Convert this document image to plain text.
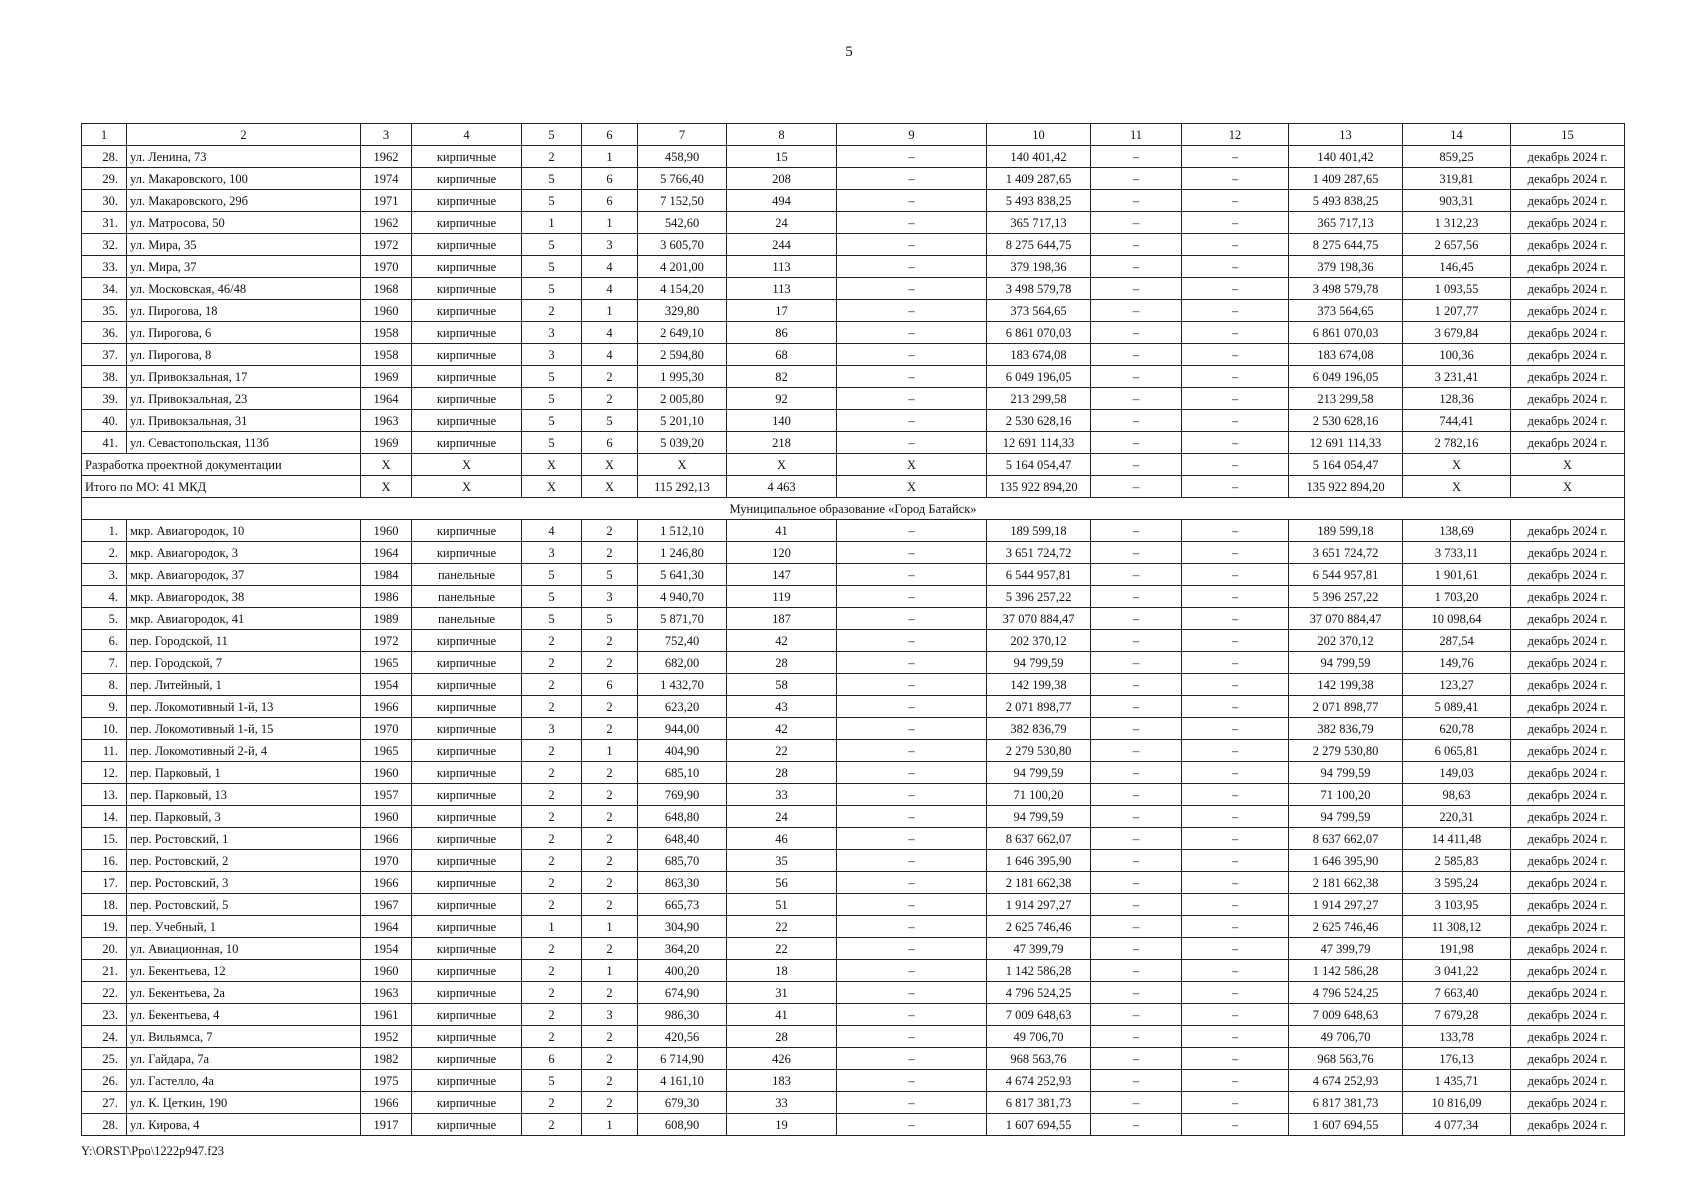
5
1	2	3	4	5	6	7	8	9	10	11	12	13	14	15
28.	ул. Ленина, 73	1962	кирпичные	2	1	458,90	15	–	140 401,42	–	–	140 401,42	859,25	декабрь 2024 г.
29.	ул. Макаровского, 100	1974	кирпичные	5	6	5 766,40	208	–	1 409 287,65	–	–	1 409 287,65	319,81	декабрь 2024 г.
30.	ул. Макаровского, 29б	1971	кирпичные	5	6	7 152,50	494	–	5 493 838,25	–	–	5 493 838,25	903,31	декабрь 2024 г.
31.	ул. Матросова, 50	1962	кирпичные	1	1	542,60	24	–	365 717,13	–	–	365 717,13	1 312,23	декабрь 2024 г.
32.	ул. Мира, 35	1972	кирпичные	5	3	3 605,70	244	–	8 275 644,75	–	–	8 275 644,75	2 657,56	декабрь 2024 г.
33.	ул. Мира, 37	1970	кирпичные	5	4	4 201,00	113	–	379 198,36	–	–	379 198,36	146,45	декабрь 2024 г.
34.	ул. Московская, 46/48	1968	кирпичные	5	4	4 154,20	113	–	3 498 579,78	–	–	3 498 579,78	1 093,55	декабрь 2024 г.
35.	ул. Пирогова, 18	1960	кирпичные	2	1	329,80	17	–	373 564,65	–	–	373 564,65	1 207,77	декабрь 2024 г.
36.	ул. Пирогова, 6	1958	кирпичные	3	4	2 649,10	86	–	6 861 070,03	–	–	6 861 070,03	3 679,84	декабрь 2024 г.
37.	ул. Пирогова, 8	1958	кирпичные	3	4	2 594,80	68	–	183 674,08	–	–	183 674,08	100,36	декабрь 2024 г.
38.	ул. Привокзальная, 17	1969	кирпичные	5	2	1 995,30	82	–	6 049 196,05	–	–	6 049 196,05	3 231,41	декабрь 2024 г.
39.	ул. Привокзальная, 23	1964	кирпичные	5	2	2 005,80	92	–	213 299,58	–	–	213 299,58	128,36	декабрь 2024 г.
40.	ул. Привокзальная, 31	1963	кирпичные	5	5	5 201,10	140	–	2 530 628,16	–	–	2 530 628,16	744,41	декабрь 2024 г.
41.	ул. Севастопольская, 113б	1969	кирпичные	5	6	5 039,20	218	–	12 691 114,33	–	–	12 691 114,33	2 782,16	декабрь 2024 г.
Разработка проектной документации		X	X	X	X	X	X	X	5 164 054,47	–	–	5 164 054,47	X	X
Итого по МО: 41 МКД		X	X	X	X	115 292,13	4 463	X	135 922 894,20	–	–	135 922 894,20	X	X
Муниципальное образование «Город Батайск»														
1.	мкр. Авиагородок, 10	1960	кирпичные	4	2	1 512,10	41	–	189 599,18	–	–	189 599,18	138,69	декабрь 2024 г.
2.	мкр. Авиагородок, 3	1964	кирпичные	3	2	1 246,80	120	–	3 651 724,72	–	–	3 651 724,72	3 733,11	декабрь 2024 г.
3.	мкр. Авиагородок, 37	1984	панельные	5	5	5 641,30	147	–	6 544 957,81	–	–	6 544 957,81	1 901,61	декабрь 2024 г.
4.	мкр. Авиагородок, 38	1986	панельные	5	3	4 940,70	119	–	5 396 257,22	–	–	5 396 257,22	1 703,20	декабрь 2024 г.
5.	мкр. Авиагородок, 41	1989	панельные	5	5	5 871,70	187	–	37 070 884,47	–	–	37 070 884,47	10 098,64	декабрь 2024 г.
6.	пер. Городской, 11	1972	кирпичные	2	2	752,40	42	–	202 370,12	–	–	202 370,12	287,54	декабрь 2024 г.
7.	пер. Городской, 7	1965	кирпичные	2	2	682,00	28	–	94 799,59	–	–	94 799,59	149,76	декабрь 2024 г.
8.	пер. Литейный, 1	1954	кирпичные	2	6	1 432,70	58	–	142 199,38	–	–	142 199,38	123,27	декабрь 2024 г.
9.	пер. Локомотивный 1-й, 13	1966	кирпичные	2	2	623,20	43	–	2 071 898,77	–	–	2 071 898,77	5 089,41	декабрь 2024 г.
10.	пер. Локомотивный 1-й, 15	1970	кирпичные	3	2	944,00	42	–	382 836,79	–	–	382 836,79	620,78	декабрь 2024 г.
11.	пер. Локомотивный 2-й, 4	1965	кирпичные	2	1	404,90	22	–	2 279 530,80	–	–	2 279 530,80	6 065,81	декабрь 2024 г.
12.	пер. Парковый, 1	1960	кирпичные	2	2	685,10	28	–	94 799,59	–	–	94 799,59	149,03	декабрь 2024 г.
13.	пер. Парковый, 13	1957	кирпичные	2	2	769,90	33	–	71 100,20	–	–	71 100,20	98,63	декабрь 2024 г.
14.	пер. Парковый, 3	1960	кирпичные	2	2	648,80	24	–	94 799,59	–	–	94 799,59	220,31	декабрь 2024 г.
15.	пер. Ростовский, 1	1966	кирпичные	2	2	648,40	46	–	8 637 662,07	–	–	8 637 662,07	14 411,48	декабрь 2024 г.
16.	пер. Ростовский, 2	1970	кирпичные	2	2	685,70	35	–	1 646 395,90	–	–	1 646 395,90	2 585,83	декабрь 2024 г.
17.	пер. Ростовский, 3	1966	кирпичные	2	2	863,30	56	–	2 181 662,38	–	–	2 181 662,38	3 595,24	декабрь 2024 г.
18.	пер. Ростовский, 5	1967	кирпичные	2	2	665,73	51	–	1 914 297,27	–	–	1 914 297,27	3 103,95	декабрь 2024 г.
19.	пер. Учебный, 1	1964	кирпичные	1	1	304,90	22	–	2 625 746,46	–	–	2 625 746,46	11 308,12	декабрь 2024 г.
20.	ул. Авиационная, 10	1954	кирпичные	2	2	364,20	22	–	47 399,79	–	–	47 399,79	191,98	декабрь 2024 г.
21.	ул. Бекентьева, 12	1960	кирпичные	2	1	400,20	18	–	1 142 586,28	–	–	1 142 586,28	3 041,22	декабрь 2024 г.
22.	ул. Бекентьева, 2а	1963	кирпичные	2	2	674,90	31	–	4 796 524,25	–	–	4 796 524,25	7 663,40	декабрь 2024 г.
23.	ул. Бекентьева, 4	1961	кирпичные	2	3	986,30	41	–	7 009 648,63	–	–	7 009 648,63	7 679,28	декабрь 2024 г.
24.	ул. Вильямса, 7	1952	кирпичные	2	2	420,56	28	–	49 706,70	–	–	49 706,70	133,78	декабрь 2024 г.
25.	ул. Гайдара, 7а	1982	кирпичные	6	2	6 714,90	426	–	968 563,76	–	–	968 563,76	176,13	декабрь 2024 г.
26.	ул. Гастелло, 4а	1975	кирпичные	5	2	4 161,10	183	–	4 674 252,93	–	–	4 674 252,93	1 435,71	декабрь 2024 г.
27.	ул. К. Цеткин, 190	1966	кирпичные	2	2	679,30	33	–	6 817 381,73	–	–	6 817 381,73	10 816,09	декабрь 2024 г.
28.	ул. Кирова, 4	1917	кирпичные	2	1	608,90	19	–	1 607 694,55	–	–	1 607 694,55	4 077,34	декабрь 2024 г.
Y:\ORST\Ppo\1222p947.f23
